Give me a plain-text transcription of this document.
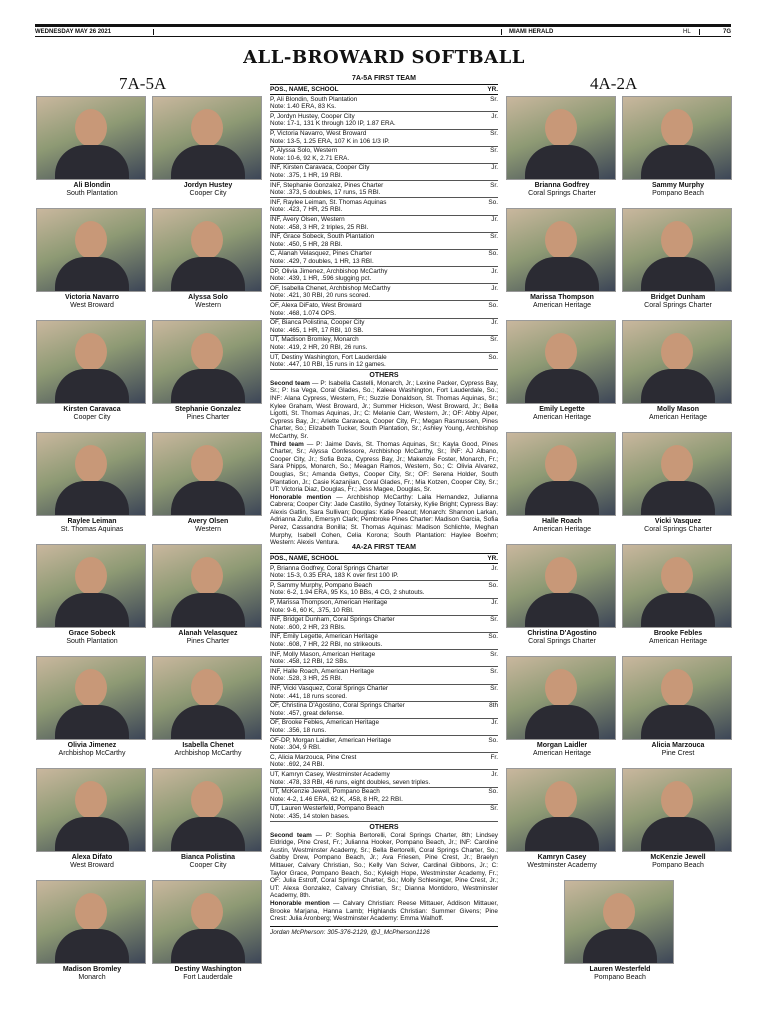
WEDNESDAY MAY 26 2021	MIAMI HERALD	HL	7G
ALL-BROWARD SOFTBALL
7A-5A	4A-2A
Ali Blondin
South Plantation
Jordyn Hustey
Cooper City
Victoria Navarro
West Broward
Alyssa Solo
Western
Kirsten Caravaca
Cooper City
Stephanie Gonzalez
Pines Charter
Raylee Leiman
St. Thomas Aquinas
Avery Olsen
Western
Grace Sobeck
South Plantation
Alanah Velasquez
Pines Charter
Olivia Jimenez
Archbishop McCarthy
Isabella Chenet
Archbishop McCarthy
Alexa Difato
West Broward
Bianca Polistina
Cooper City
Madison Bromley
Monarch
Destiny Washington
Fort Lauderdale
Brianna Godfrey
Coral Springs Charter
Sammy Murphy
Pompano Beach
Marissa Thompson
American Heritage
Bridget Dunham
Coral Springs Charter
Emily Legette
American Heritage
Molly Mason
American Heritage
Halle Roach
American Heritage
Vicki Vasquez
Coral Springs Charter
Christina D'Agostino
Coral Springs Charter
Brooke Febles
American Heritage
Morgan Laidler
American Heritage
Alicia Marzouca
Pine Crest
Kamryn Casey
Westminster Academy
McKenzie Jewell
Pompano Beach
Lauren Westerfeld
Pompano Beach
7A-5A FIRST TEAM
POS., NAME, SCHOOL	YR.
P, Ali Blondin, South Plantation	Sr.
Note: 1.40 ERA, 83 Ks.
P, Jordyn Hustey, Cooper City	Jr.
Note: 17-1, 131 K through 120 IP, 1.87 ERA.
P, Victoria Navarro, West Broward	Sr.
Note: 13-5, 1.25 ERA, 107 K in 106 1/3 IP.
P, Alyssa Solo, Western	Sr.
Note: 10-6, 92 K, 2.71 ERA.
INF, Kirsten Caravaca, Cooper City	Jr.
Note: .375, 1 HR, 19 RBI.
INF, Stephanie Gonzalez, Pines Charter	Sr.
Note: .373, 5 doubles, 17 runs, 15 RBI.
INF, Raylee Leiman, St. Thomas Aquinas	So.
Note: .423, 7 HR, 25 RBI.
INF, Avery Olsen, Western	Jr.
Note: .458, 3 HR, 2 triples, 25 RBI.
INF, Grace Sobeck, South Plantation	Sr.
Note: .450, 5 HR, 28 RBI.
C, Alanah Velasquez, Pines Charter	So.
Note: .429, 7 doubles, 1 HR, 13 RBI.
DP, Olivia Jimenez, Archbishop McCarthy	Jr.
Note: .439, 1 HR, .596 slugging pct.
OF, Isabella Chenet, Archbishop McCarthy	Jr.
Note: .421, 30 RBI, 20 runs scored.
OF, Alexa DiFato, West Broward	So.
Note: .468, 1.074 OPS.
OF, Bianca Polistina, Cooper City	Jr.
Note: .465, 1 HR, 17 RBI, 10 SB.
UT, Madison Bromley, Monarch	Sr.
Note: .419, 2 HR, 20 RBI, 26 runs.
UT, Destiny Washington, Fort Lauderdale	So.
Note: .447, 10 RBI, 15 runs in 12 games.
OTHERS

Second team — P: Isabella Castelli, Monarch, Jr.; Lexine Packer, Cypress Bay, Sr.; P: Isa Vega, Coral Glades, So.; Kaleea Washington, Fort Lauderdale, So.; INF: Alana Cypress, Western, Fr.; Suzzie Donaldson, St. Thomas Aquinas, Sr.; Kylee Graham, West Broward, Jr.; Summer Hickson, West Broward, Jr.; Bella Ligotti, St. Thomas Aquinas, Jr.; C: Melanie Carr, Western, Jr.; OF: Abby Alper, Cypress Bay, Jr.; Arlette Caravaca, Cooper City, Fr.; Megan Rasmussen, Pines Charter, So.; Elizabeth Tucker, South Plantation, Sr.; Ashley Young, Archbishop McCarthy, Sr.

Third team — P: Jaime Davis, St. Thomas Aquinas, Sr.; Kayla Good, Pines Charter, Sr.; Alyssa Confessore, Archbishop McCarthy, Sr.; INF: AJ Albano, Cooper City, Jr.; Sofia Boza, Cypress Bay, Jr.; Makenzie Foster, Monarch, Fr.; Sara Phipps, Monarch, So.; Meagan Ramos, Western, So.; C: Olivia Alvarez, Douglas, Sr.; Amanda Gettys, Cooper City, Sr.; OF: Serena Holder, South Plantation, Jr.; Casie Kazanjian, Coral Glades, Fr.; Mia Kotzen, Cooper City, Sr.; UT: Victoria Diaz, Douglas, Fr.; Jess Magee, Douglas, Sr.

Honorable mention — Archbishop McCarthy: Laila Hernandez, Julianna Cabrera; Cooper City: Jade Castillo, Sydney Totarsky, Kylie Bright; Cypress Bay: Alexis Gatlin, Sara Sullivan; Douglas: Katie Peacut; Monarch: Shannon Larkan, Adrianna Zullo, Emersyn Clark; Pembroke Pines Charter: Madison Garcia, Sofia Perez, Cassandra Bonilla; St. Thomas Aquinas: Madison Schlichte, Meghan Murphy, Isabell Cohen, Celia Korona; South Plantation: Haylee Boehm; Western: Alexis Ventura.

4A-2A FIRST TEAM
POS., NAME, SCHOOL	YR.
P, Brianna Godfrey, Coral Springs Charter	Jr.
Note: 15-3, 0.35 ERA, 183 K over first 100 IP.
P, Sammy Murphy, Pompano Beach	So.
Note: 6-2, 1.94 ERA, 95 Ks, 10 BBs, 4 CG, 2 shutouts.
P, Marissa Thompson, American Heritage	Jr.
Note: 9-6, 60 K, .375, 10 RBI.
INF, Bridget Dunham, Coral Springs Charter	Sr.
Note: .600, 2 HR, 23 RBIs.
INF, Emily Legette, American Heritage	So.
Note: .608, 7 HR, 22 RBI, no strikeouts.
INF, Molly Mason, American Heritage	Sr.
Note: .458, 12 RBI, 12 SBs.
INF, Halle Roach, American Heritage	Sr.
Note: .528, 3 HR, 25 RBI.
INF, Vicki Vasquez, Coral Springs Charter	Sr.
Note: .441, 18 runs scored.
OF, Christina D'Agostino, Coral Springs Charter	8th
Note: .457, great defense.
OF, Brooke Febles, American Heritage	Jr.
Note: .356, 18 runs.
OF-DP, Morgan Laidler, American Heritage	So.
Note: .304, 9 RBI.
C, Alicia Marzouca, Pine Crest	Fr.
Note: .692, 24 RBI.
UT, Kamryn Casey, Westminster Academy	Jr.
Note: .478, 33 RBI, 46 runs, eight doubles, seven triples.
UT, McKenzie Jewell, Pompano Beach	So.
Note: 4-2, 1.46 ERA, 62 K, .458, 8 HR, 22 RBI.
UT, Lauren Westerfeld, Pompano Beach	Sr.
Note: .435, 14 stolen bases.
OTHERS

Second team — P: Sophia Bertorelli, Coral Springs Charter, 8th; Lindsey Eldridge, Pine Crest, Fr.; Julianna Hooker, Pompano Beach, Jr.; INF: Caroline Austin, Westminster Academy, Sr.; Bella Bertorelli, Coral Springs Charter, So.; Gabby Drew, Pompano Beach, Jr.; Ava Friesen, Pine Crest, Jr.; Braelyn Mittauer, Calvary Christian, So.; Kelly Van Sciver, Cardinal Gibbons, Jr.; C: Taylor Grace, Pompano Beach, So.; Kyleigh Hope, Westminster Academy, Fr.; OF: Julia Estroff, Coral Springs Charter, So.; Molly Schlesinger, Pine Crest, Jr.; UT: Alexa Gonzalez, Calvary Christian, Sr.; Dianna Montidoro, Westminster Academy, 8th.

Honorable mention — Calvary Christian: Reese Mittauer, Addison Mittauer, Brooke Marjana, Hanna Lamb; Highlands Christian: Summer Givens; Pine Crest: Julia Aronberg; Westminster Academy: Emma Walhoff.

Jordan McPherson: 305-376-2129, @J_McPherson1126
